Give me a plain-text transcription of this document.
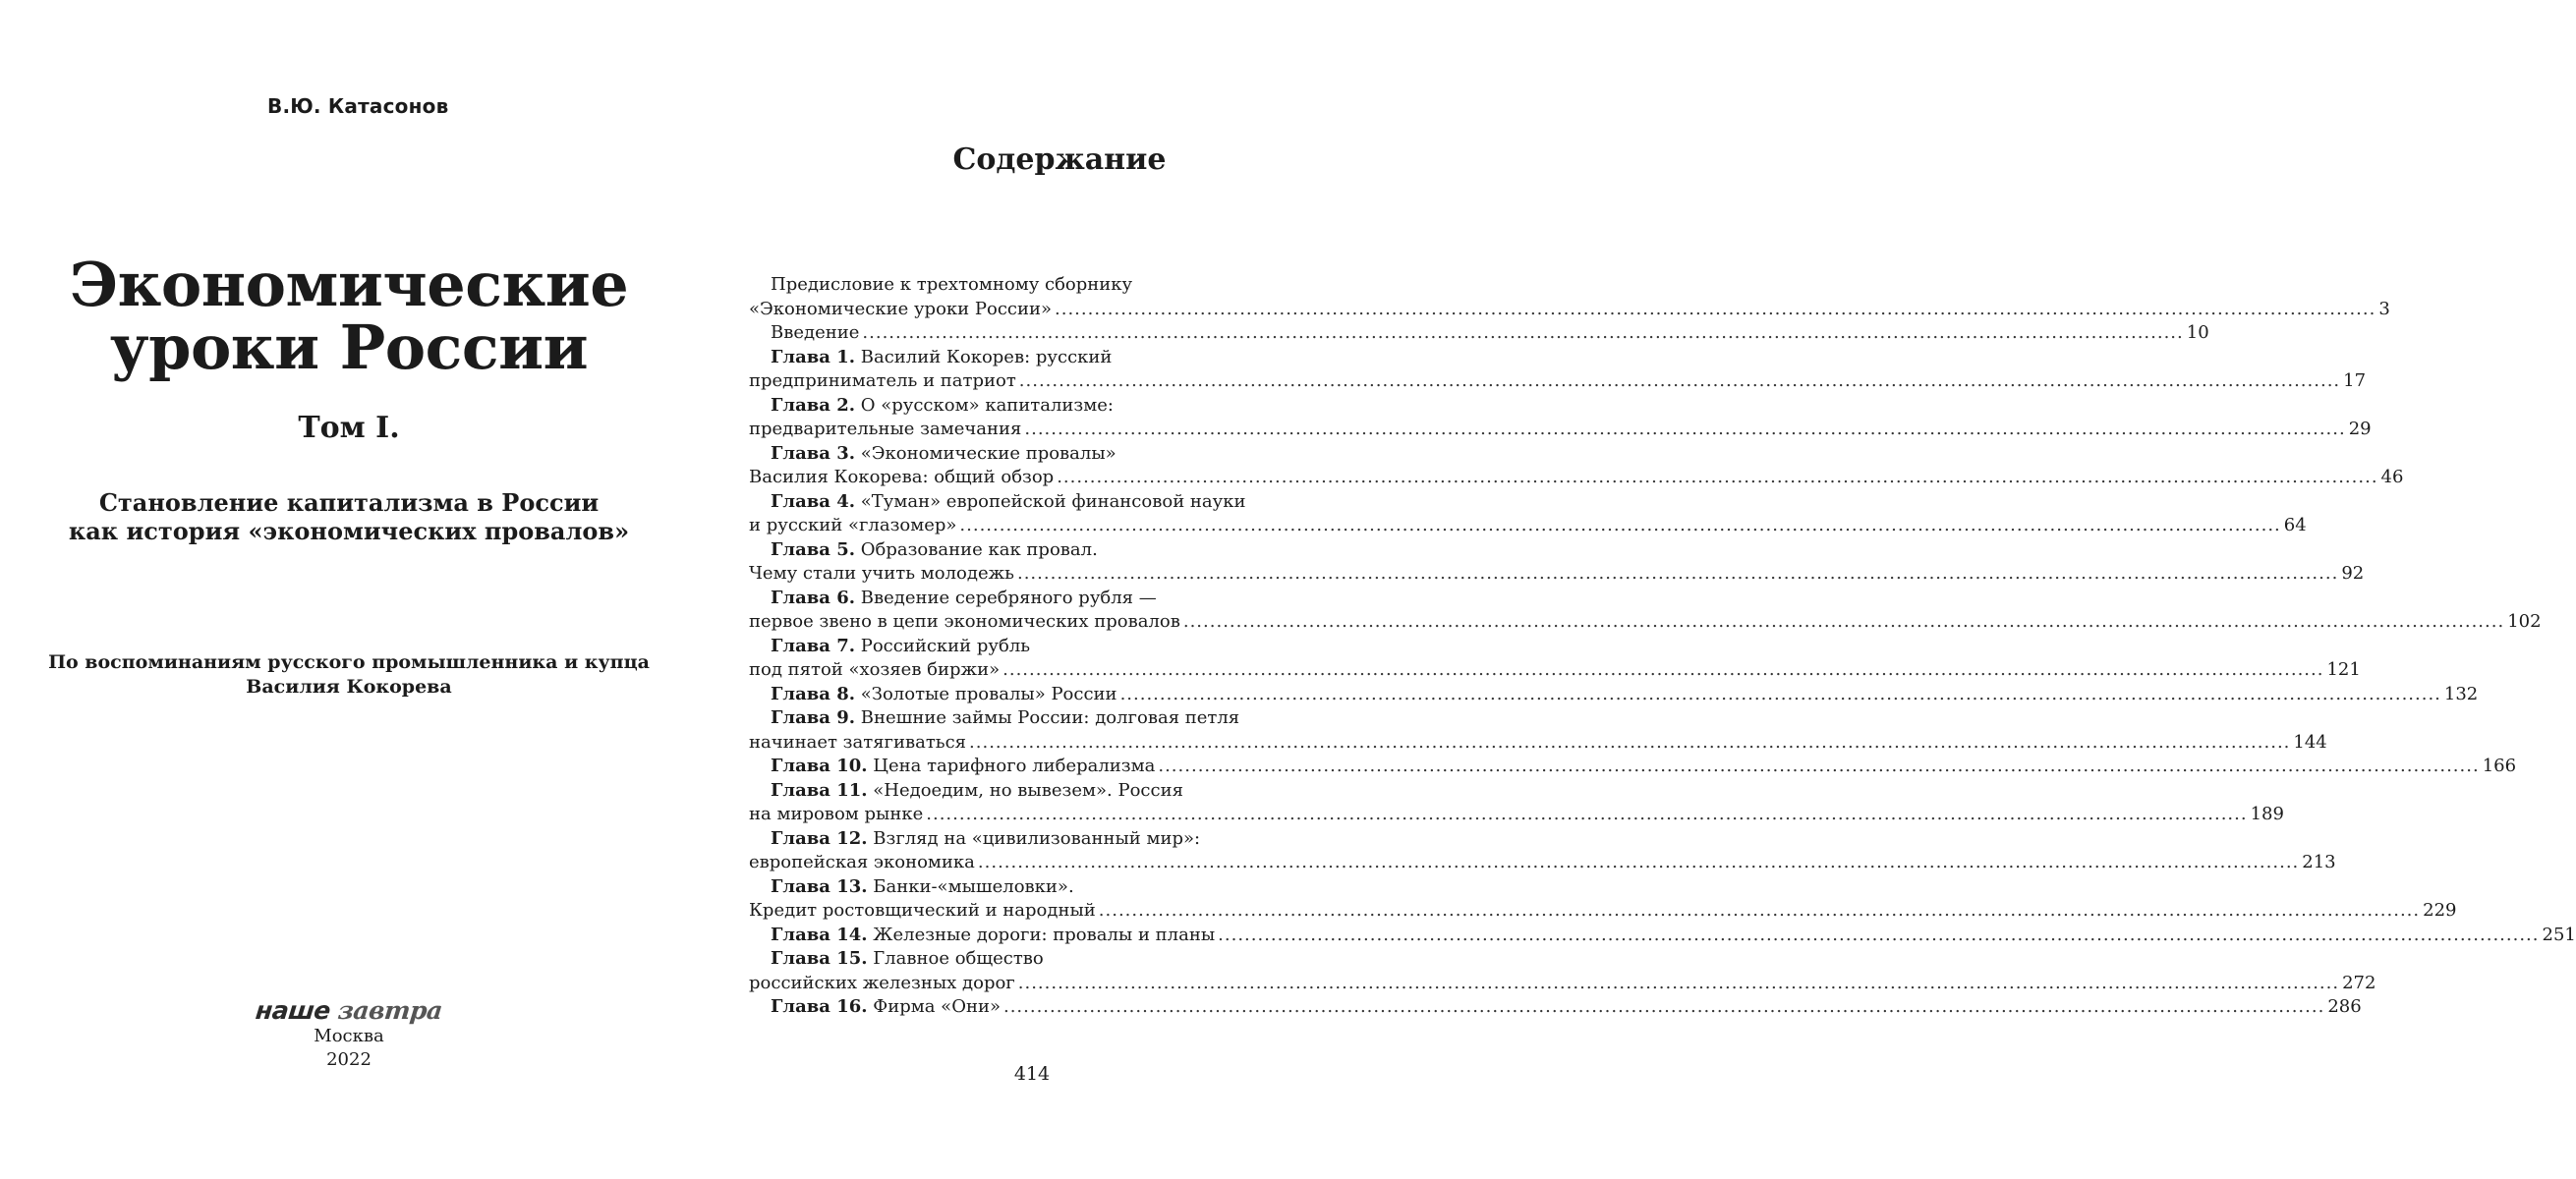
В.Ю. Катасонов
Экономические
уроки России
Том I.
Становление капитализма в России
как история «экономических провалов»
По воспоминаниям русского промышленника и купца
Василия Кокорева
наше завтра
Москва
2022
Содержание
Предисловие к трехтомному сборнику
«Экономические уроки России» ........................................................................................................................................................................................................ 3
Введение ........................................................................................................................................................................................................ 10
Глава 1. Василий Кокорев: русский
предприниматель и патриот ........................................................................................................................................................................................................ 17
Глава 2. О «русском» капитализме:
предварительные замечания ........................................................................................................................................................................................................ 29
Глава 3. «Экономические провалы»
Василия Кокорева: общий обзор ........................................................................................................................................................................................................ 46
Глава 4. «Туман» европейской финансовой науки
и русский «глазомер» ........................................................................................................................................................................................................ 64
Глава 5. Образование как провал.
Чему стали учить молодежь ........................................................................................................................................................................................................ 92
Глава 6. Введение серебряного рубля —
первое звено в цепи экономических провалов ........................................................................................................................................................................................................ 102
Глава 7. Российский рубль
под пятой «хозяев биржи» ........................................................................................................................................................................................................ 121
Глава 8. «Золотые провалы» России ........................................................................................................................................................................................................ 132
Глава 9. Внешние займы России: долговая петля
начинает затягиваться ........................................................................................................................................................................................................ 144
Глава 10. Цена тарифного либерализма ........................................................................................................................................................................................................ 166
Глава 11. «Недоедим, но вывезем». Россия
на мировом рынке ........................................................................................................................................................................................................ 189
Глава 12. Взгляд на «цивилизованный мир»:
европейская экономика ........................................................................................................................................................................................................ 213
Глава 13. Банки-«мышеловки».
Кредит ростовщический и народный ........................................................................................................................................................................................................ 229
Глава 14. Железные дороги: провалы и планы ........................................................................................................................................................................................................ 251
Глава 15. Главное общество
российских железных дорог ........................................................................................................................................................................................................ 272
Глава 16. Фирма «Они» ........................................................................................................................................................................................................ 286
414
